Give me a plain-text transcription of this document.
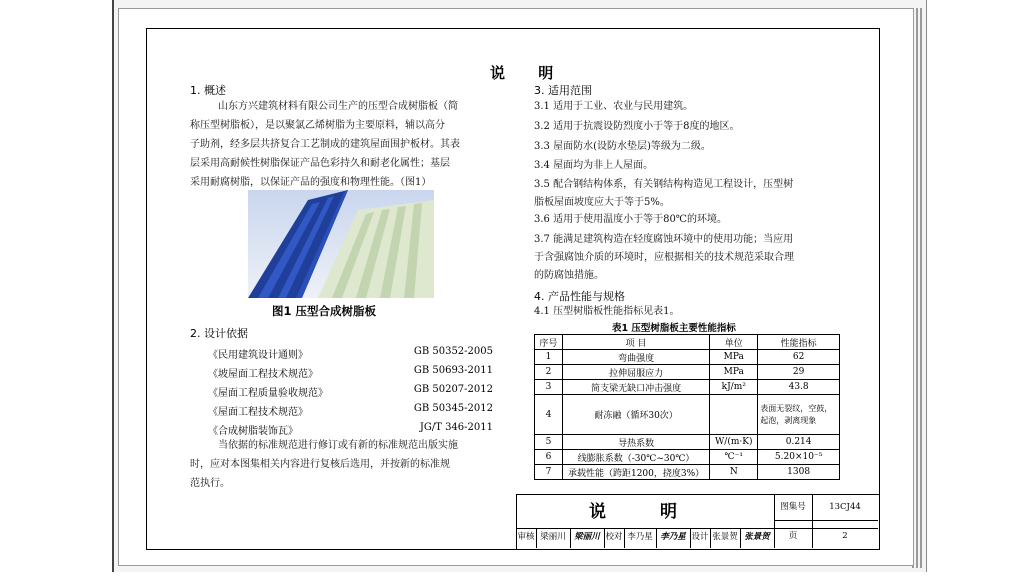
说 明
1. 概述
山东方兴建筑材料有限公司生产的压型合成树脂板（简
称压型树脂板），是以聚氯乙烯树脂为主要原料，辅以高分
子助剂，经多层共挤复合工艺制成的建筑屋面围护板材。其表
层采用高耐候性树脂保证产品色彩持久和耐老化属性；基层
采用耐腐树脂，以保证产品的强度和物理性能。（图1）
图1 压型合成树脂板
2. 设计依据
《民用建筑设计通则》	GB 50352-2005
《坡屋面工程技术规范》	GB 50693-2011
《屋面工程质量验收规范》	GB 50207-2012
《屋面工程技术规范》	GB 50345-2012
《合成树脂装饰瓦》	JG/T 346-2011
当依据的标准规范进行修订或有新的标准规范出版实施
时，应对本图集相关内容进行复核后选用，并按新的标准规
范执行。
3. 适用范围
3.1 适用于工业、农业与民用建筑。
3.2 适用于抗震设防烈度小于等于8度的地区。
3.3 屋面防水(设防水垫层)等级为二级。
3.4 屋面均为非上人屋面。
3.5 配合钢结构体系，有关钢结构构造见工程设计，压型树
脂板屋面坡度应大于等于5%。
3.6 适用于使用温度小于等于80℃的环境。
3.7 能满足建筑构造在轻度腐蚀环境中的使用功能；当应用
于含强腐蚀介质的环境时，应根据相关的技术规范采取合理
的防腐蚀措施。
4. 产品性能与规格
4.1 压型树脂板性能指标见表1。
表1 压型树脂板主要性能指标
序号	项 目	单位	性能指标
1	弯曲强度	MPa	62
2	拉伸屈服应力	MPa	29
3	简支梁无缺口冲击强度	kJ/m²	43.8
4	耐冻融（循环30次）		表面无裂纹，空鼓，起泡，剥离现象
5	导热系数	W/(m·K)	0.214
6	线膨胀系数（-30℃~30℃）	℃⁻¹	5.20×10⁻⁵
7	承载性能（跨距1200，挠度3%）	N	1308
说 明	图集号	13CJ44
页	2
审核 梁丽川 梁丽川 校对 李乃星 李乃星 设计 张景贺 张景贺
